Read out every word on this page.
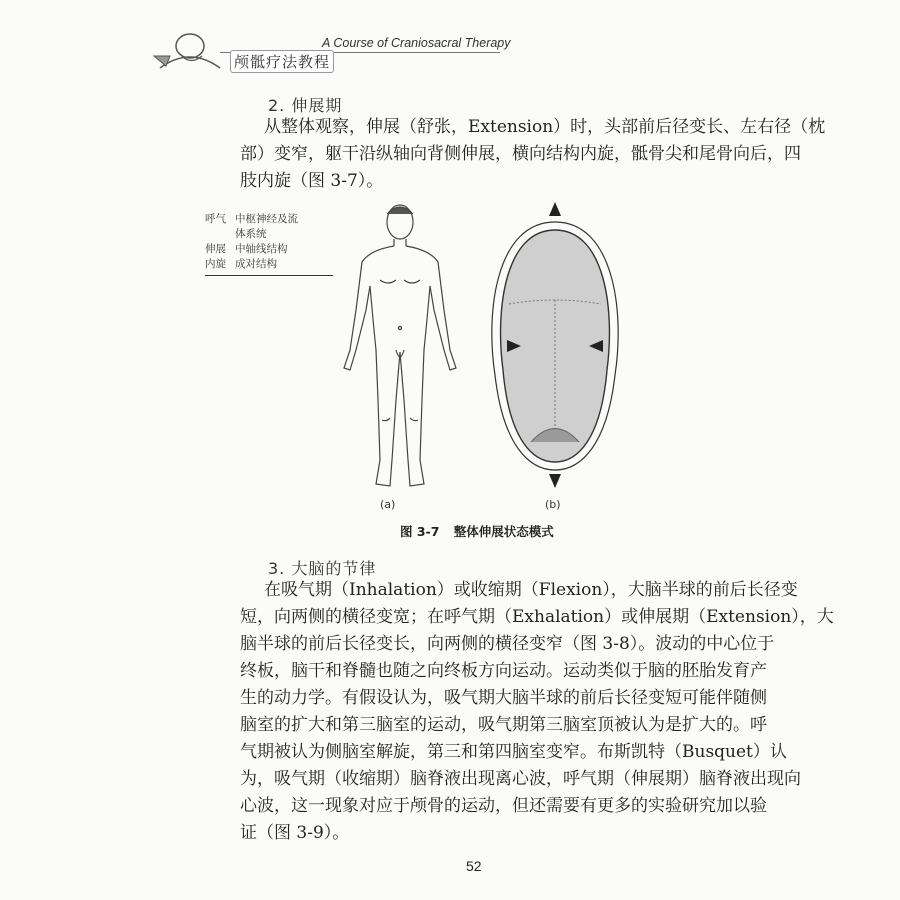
颅骶疗法教程
A Course of Craniosacral Therapy
2. 伸展期
从整体观察，伸展（舒张，Extension）时，头部前后径变长、左右径（枕
部）变窄，躯干沿纵轴向背侧伸展，横向结构内旋，骶骨尖和尾骨向后，四
肢内旋（图 3-7）。
呼气 中枢神经及流
体系统
伸展 中轴线结构
内旋 成对结构
(a)	(b)
图 3-7 整体伸展状态模式
3. 大脑的节律
在吸气期（Inhalation）或收缩期（Flexion），大脑半球的前后长径变
短，向两侧的横径变宽；在呼气期（Exhalation）或伸展期（Extension），大
脑半球的前后长径变长，向两侧的横径变窄（图 3-8）。波动的中心位于
终板，脑干和脊髓也随之向终板方向运动。运动类似于脑的胚胎发育产
生的动力学。有假设认为，吸气期大脑半球的前后长径变短可能伴随侧
脑室的扩大和第三脑室的运动，吸气期第三脑室顶被认为是扩大的。呼
气期被认为侧脑室解旋，第三和第四脑室变窄。布斯凯特（Busquet）认
为，吸气期（收缩期）脑脊液出现离心波，呼气期（伸展期）脑脊液出现向
心波，这一现象对应于颅骨的运动，但还需要有更多的实验研究加以验
证（图 3-9）。
52
